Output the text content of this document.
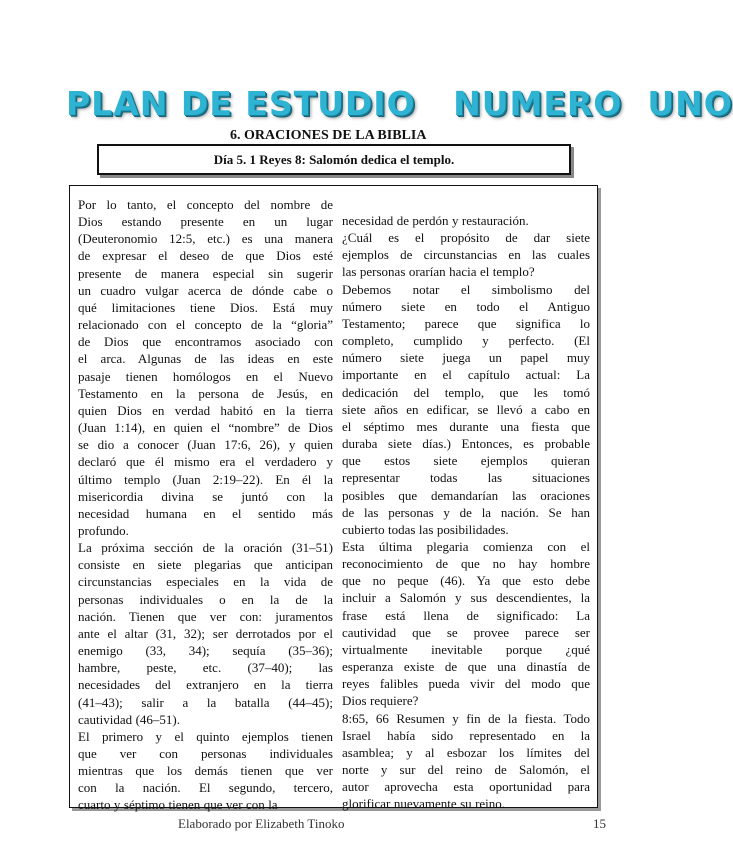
PLAN DE ESTUDIO NUMERO  UNO
6. ORACIONES DE LA BIBLIA
Día 5. 1 Reyes 8: Salomón dedica el templo.
Por lo tanto, el concepto del nombre de
Dios estando presente en un lugar
(Deuteronomio 12:5, etc.) es una manera
de expresar el deseo de que Dios esté
presente de manera especial sin sugerir
un cuadro vulgar acerca de dónde cabe o
qué limitaciones tiene Dios. Está muy
relacionado con el concepto de la “gloria”
de Dios que encontramos asociado con
el arca. Algunas de las ideas en este
pasaje tienen homólogos en el Nuevo
Testamento en la persona de Jesús, en
quien Dios en verdad habitó en la tierra
(Juan 1:14), en quien el “nombre” de Dios
se dio a conocer (Juan 17:6, 26), y quien
declaró que él mismo era el verdadero y
último templo (Juan 2:19–22). En él la
misericordia divina se juntó con la
necesidad humana en el sentido más
profundo.
La próxima sección de la oración (31–51)
consiste en siete plegarias que anticipan
circunstancias especiales en la vida de
personas individuales o en la de la
nación. Tienen que ver con: juramentos
ante el altar (31, 32); ser derrotados por el
enemigo (33, 34); sequía (35–36);
hambre, peste, etc. (37–40); las
necesidades del extranjero en la tierra
(41–43); salir a la batalla (44–45);
cautividad (46–51).
El primero y el quinto ejemplos tienen
que ver con personas individuales
mientras que los demás tienen que ver
con la nación. El segundo, tercero,
cuarto y séptimo tienen que ver con la
necesidad de perdón y restauración.
¿Cuál es el propósito de dar siete
ejemplos de circunstancias en las cuales
las personas orarían hacia el templo?
Debemos notar el simbolismo del
número siete en todo el Antiguo
Testamento; parece que significa lo
completo, cumplido y perfecto. (El
número siete juega un papel muy
importante en el capítulo actual: La
dedicación del templo, que les tomó
siete años en edificar, se llevó a cabo en
el séptimo mes durante una fiesta que
duraba siete días.) Entonces, es probable
que estos siete ejemplos quieran
representar todas las situaciones
posibles que demandarían las oraciones
de las personas y de la nación. Se han
cubierto todas las posibilidades.
Esta última plegaria comienza con el
reconocimiento de que no hay hombre
que no peque (46). Ya que esto debe
incluir a Salomón y sus descendientes, la
frase está llena de significado: La
cautividad que se provee parece ser
virtualmente inevitable porque ¿qué
esperanza existe de que una dinastía de
reyes falibles pueda vivir del modo que
Dios requiere?
8:65, 66 Resumen y fin de la fiesta. Todo
Israel había sido representado en la
asamblea; y al esbozar los límites del
norte y sur del reino de Salomón, el
autor aprovecha esta oportunidad para
glorificar nuevamente su reino.
Elaborado por Elizabeth Tinoko	15
